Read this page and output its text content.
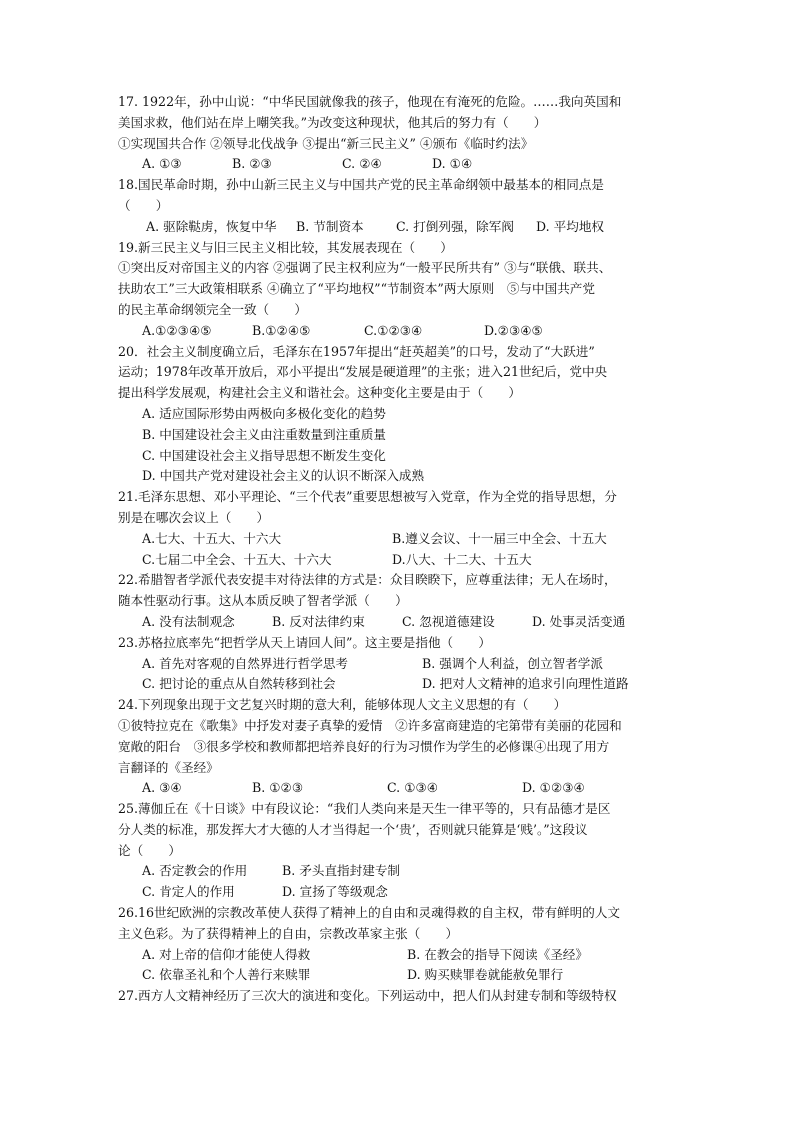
17. 1922年，孙中山说：“中华民国就像我的孩子，他现在有淹死的危险。……我向英国和
美国求救，他们站在岸上嘲笑我。”为改变这种现状，他其后的努力有（　　）
①实现国共合作 ②领导北伐战争 ③提出“新三民主义” ④颁布《临时约法》
A. ①③	B. ②③	C. ②④	D. ①④
18.国民革命时期，孙中山新三民主义与中国共产党的民主革命纲领中最基本的相同点是
（　　）
A. 驱除鞑虏，恢复中华	B. 节制资本	C. 打倒列强，除军阀	D. 平均地权
19.新三民主义与旧三民主义相比较，其发展表现在（　　）
①突出反对帝国主义的内容 ②强调了民主权利应为“一般平民所共有” ③与“联俄、联共、
扶助农工”三大政策相联系 ④确立了“平均地权”“节制资本”两大原则　⑤与中国共产党
的民主革命纲领完全一致（　　）
A.①②③④⑤	B.①②④⑤	C.①②③④	D.②③④⑤
20．社会主义制度确立后，毛泽东在1957年提出“赶英超美”的口号，发动了“大跃进”
运动；1978年改革开放后，邓小平提出“发展是硬道理”的主张；进入21世纪后，党中央
提出科学发展观，构建社会主义和谐社会。这种变化主要是由于（　　）
A. 适应国际形势由两极向多极化变化的趋势
B. 中国建设社会主义由注重数量到注重质量
C. 中国建设社会主义指导思想不断发生变化
D. 中国共产党对建设社会主义的认识不断深入成熟
21.毛泽东思想、邓小平理论、“三个代表”重要思想被写入党章，作为全党的指导思想，分
别是在哪次会议上（　　）
A.七大、十五大、十六大	B.遵义会议、十一届三中全会、十五大
C.七届二中全会、十五大、十六大	D.八大、十二大、十五大
22.希腊智者学派代表安提丰对待法律的方式是：众目睽睽下，应尊重法律；无人在场时，
随本性驱动行事。这从本质反映了智者学派（　　）
A. 没有法制观念	B. 反对法律约束	C. 忽视道德建设	D. 处事灵活变通
23.苏格拉底率先“把哲学从天上请回人间”。这主要是指他（　　）
A. 首先对客观的自然界进行哲学思考	B. 强调个人利益，创立智者学派
C. 把讨论的重点从自然转移到社会	D. 把对人文精神的追求引向理性道路
24.下列现象出现于文艺复兴时期的意大利，能够体现人文主义思想的有（　　）
①彼特拉克在《歌集》中抒发对妻子真挚的爱情　②许多富商建造的宅第带有美丽的花园和
宽敞的阳台　③很多学校和教师都把培养良好的行为习惯作为学生的必修课④出现了用方
言翻译的《圣经》
A. ③④	B. ①②③	C. ①③④	D. ①②③④
25.薄伽丘在《十日谈》中有段议论：“我们人类向来是天生一律平等的，只有品德才是区
分人类的标准，那发挥大才大德的人才当得起一个‘贵’，否则就只能算是‘贱’。”这段议
论（　　）
A. 否定教会的作用	B. 矛头直指封建专制
C. 肯定人的作用	D. 宣扬了等级观念
26.16世纪欧洲的宗教改革使人获得了精神上的自由和灵魂得救的自主权，带有鲜明的人文
主义色彩。为了获得精神上的自由，宗教改革家主张（　　）
A. 对上帝的信仰才能使人得救	B. 在教会的指导下阅读《圣经》
C. 依靠圣礼和个人善行来赎罪	D. 购买赎罪卷就能赦免罪行
27.西方人文精神经历了三次大的演进和变化。下列运动中，把人们从封建专制和等级特权
